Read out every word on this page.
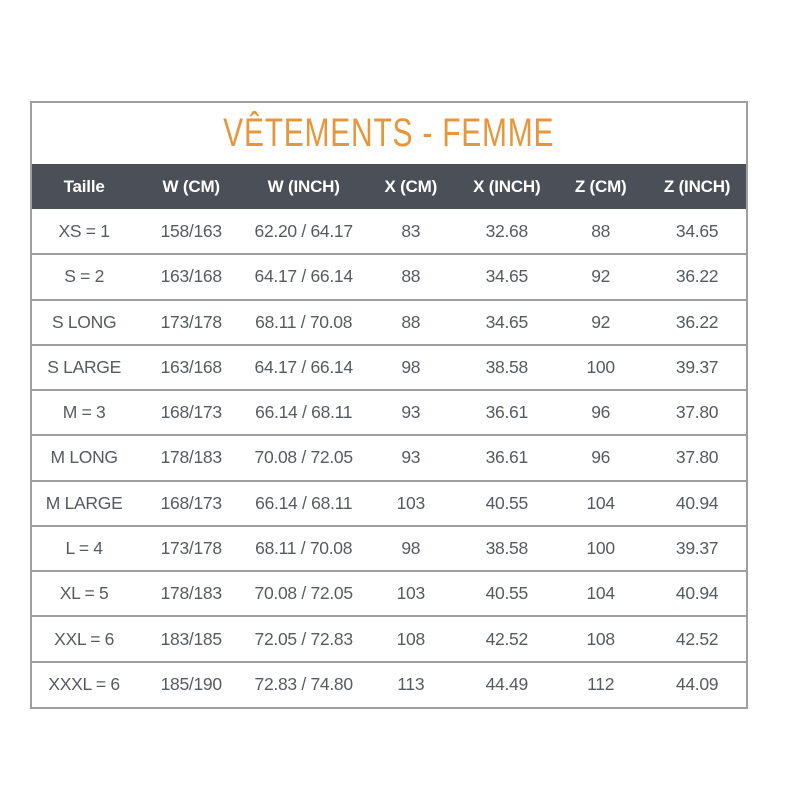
VÊTEMENTS - FEMME
Taille	W (CM)	W (INCH)	X (CM)	X (INCH)	Z (CM)	Z (INCH)
XS = 1	158/163	62.20 / 64.17	83	32.68	88	34.65
S = 2	163/168	64.17 / 66.14	88	34.65	92	36.22
S LONG	173/178	68.11 / 70.08	88	34.65	92	36.22
S LARGE	163/168	64.17 / 66.14	98	38.58	100	39.37
M = 3	168/173	66.14 / 68.11	93	36.61	96	37.80
M LONG	178/183	70.08 / 72.05	93	36.61	96	37.80
M LARGE	168/173	66.14 / 68.11	103	40.55	104	40.94
L = 4	173/178	68.11 / 70.08	98	38.58	100	39.37
XL = 5	178/183	70.08 / 72.05	103	40.55	104	40.94
XXL = 6	183/185	72.05 / 72.83	108	42.52	108	42.52
XXXL = 6	185/190	72.83 / 74.80	113	44.49	112	44.09
